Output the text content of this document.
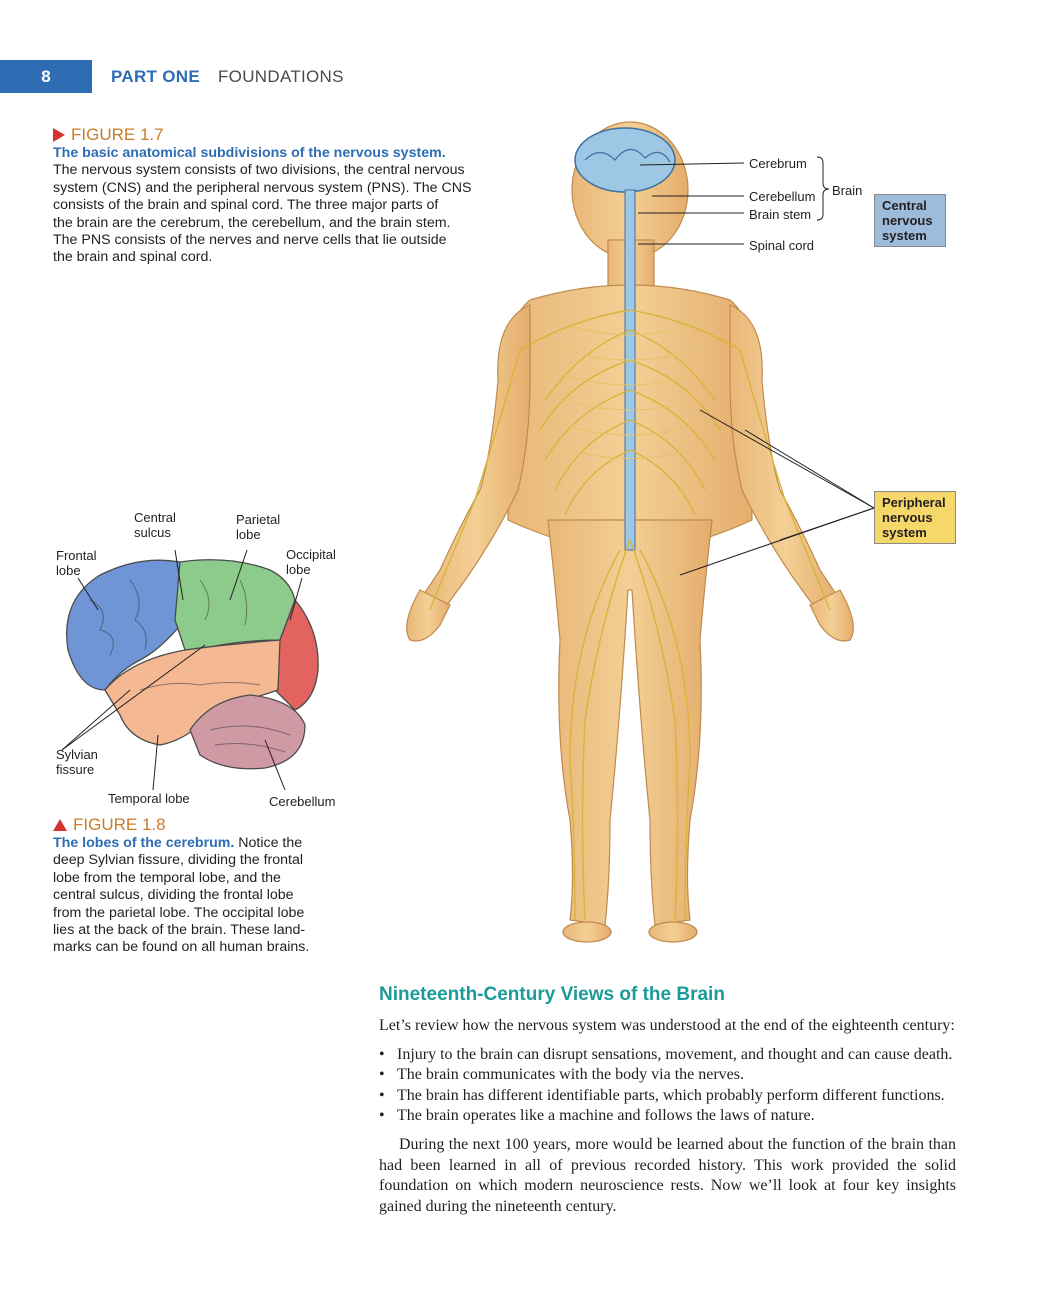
8	PART ONE FOUNDATIONS
FIGURE 1.7
The basic anatomical subdivisions of the nervous system.
The nervous system consists of two divisions, the central nervous
system (CNS) and the peripheral nervous system (PNS). The CNS
consists of the brain and spinal cord. The three major parts of
the brain are the cerebrum, the cerebellum, and the brain stem.
The PNS consists of the nerves and nerve cells that lie outside
the brain and spinal cord.
Cerebrum
Cerebellum
Brain stem
Brain
Spinal cord
Central
nervous
system
Peripheral
nervous
system
Central
sulcus
Parietal
lobe
Frontal
lobe
Occipital
lobe
Sylvian
fissure
Temporal lobe	Cerebellum
FIGURE 1.8
The lobes of the cerebrum. Notice the
deep Sylvian fissure, dividing the frontal
lobe from the temporal lobe, and the
central sulcus, dividing the frontal lobe
from the parietal lobe. The occipital lobe
lies at the back of the brain. These land-
marks can be found on all human brains.
Nineteenth-Century Views of the Brain
Let’s review how the nervous system was understood at the end of the eighteenth century:
• Injury to the brain can disrupt sensations, movement, and thought and can cause death.
• The brain communicates with the body via the nerves.
• The brain has different identifiable parts, which probably perform different functions.
• The brain operates like a machine and follows the laws of nature.
During the next 100 years, more would be learned about the function of the brain than had been learned in all of previous recorded history. This work provided the solid foundation on which modern neuroscience rests. Now we’ll look at four key insights gained during the nineteenth century.
